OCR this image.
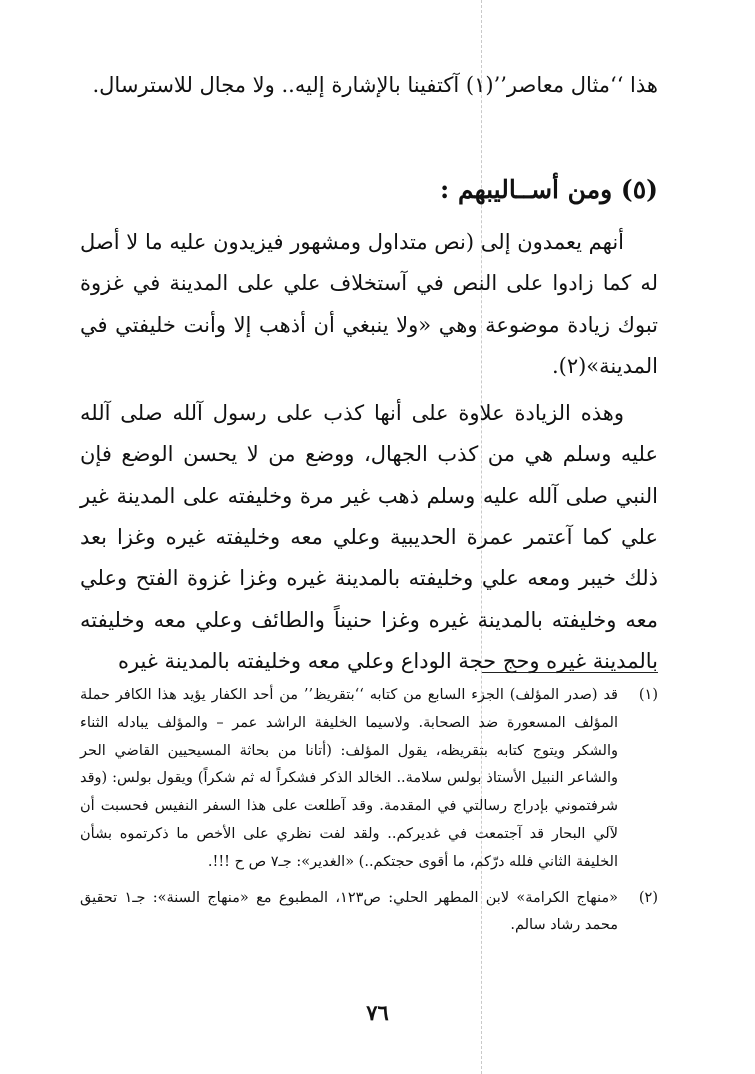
هذا ‘‘مثال معاصر’’(١) آكتفينا بالإشارة إليه.. ولا مجال للاسترسال.

(٥) ومن أســاليبهم :

أنهم يعمدون إلى (نص متداول ومشهور فيزيدون عليه ما لا أصل له كما زادوا على النص في آستخلاف علي على المدينة في غزوة تبوك زيادة موضوعة وهي «ولا ينبغي أن أذهب إلا وأنت خليفتي في المدينة»(٢).

وهذه الزيادة علاوة على أنها كذب على رسول آلله صلى آلله عليه وسلم هي من كذب الجهال، ووضع من لا يحسن الوضع فإن النبي صلى آلله عليه وسلم ذهب غير مرة وخليفته على المدينة غير علي كما آعتمر عمرة الحديبية وعلي معه وخليفته غيره وغزا بعد ذلك خيبر ومعه علي وخليفته بالمدينة غيره وغزا غزوة الفتح وعلي معه وخليفته بالمدينة غيره وغزا حنيناً والطائف وعلي معه وخليفته بالمدينة غيره وحج حجة الوداع وعلي معه وخليفته بالمدينة غيره

(١)
قد (صدر المؤلف) الجزء السابع من كتابه ‘‘بتقريظ’’ من أحد الكفار يؤيد هذا الكافر حملة المؤلف المسعورة ضد الصحابة. ولاسيما الخليفة الراشد عمر – والمؤلف يبادله الثناء والشكر ويتوج كتابه بتقريظه، يقول المؤلف: (أتانا من بحاثة المسيحيين القاضي الحر والشاعر النبيل الأستاذ بولس سلامة.. الخالد الذكر فشكراً له ثم شكراً) ويقول بولس: (وقد شرفتموني بإدراج رسالتي في المقدمة. وقد آطلعت على هذا السفر النفيس فحسبت أن لآلي البحار قد آجتمعت في غديركم.. ولقد لفت نظري على الأخص ما ذكرتموه بشأن الخليفة الثاني فلله درّكم، ما أقوى حجتكم..) «الغدير»: جـ٧ ص ح !!!.
(٢)
«منهاج الكرامة» لابن المطهر الحلي: ص١٢٣، المطبوع مع «منهاج السنة»: جـ١ تحقيق محمد رشاد سالم.
٧٦
